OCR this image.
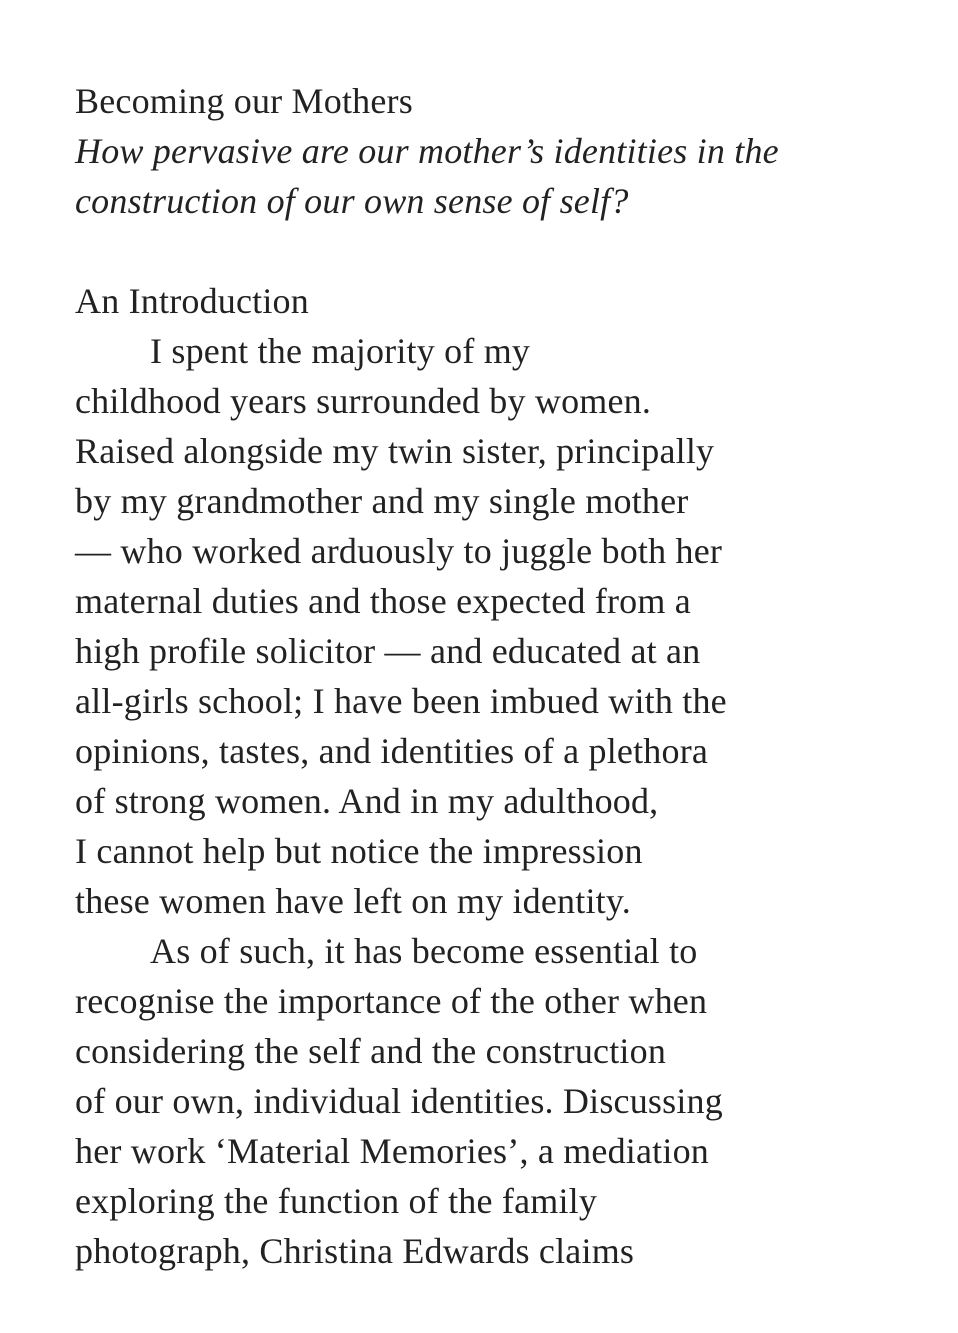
Becoming our Mothers
How pervasive are our mother’s identities in the
construction of our own sense of self?
An Introduction
I spent the majority of my
childhood years surrounded by women.
Raised alongside my twin sister, principally
by my grandmother and my single mother
— who worked arduously to juggle both her
maternal duties and those expected from a
high profile solicitor — and educated at an
all-girls school; I have been imbued with the
opinions, tastes, and identities of a plethora
of strong women. And in my adulthood,
I cannot help but notice the impression
these women have left on my identity.
As of such, it has become essential to
recognise the importance of the other when
considering the self and the construction
of our own, individual identities. Discussing
her work ‘Material Memories’, a mediation
exploring the function of the family
photograph, Christina Edwards claims
